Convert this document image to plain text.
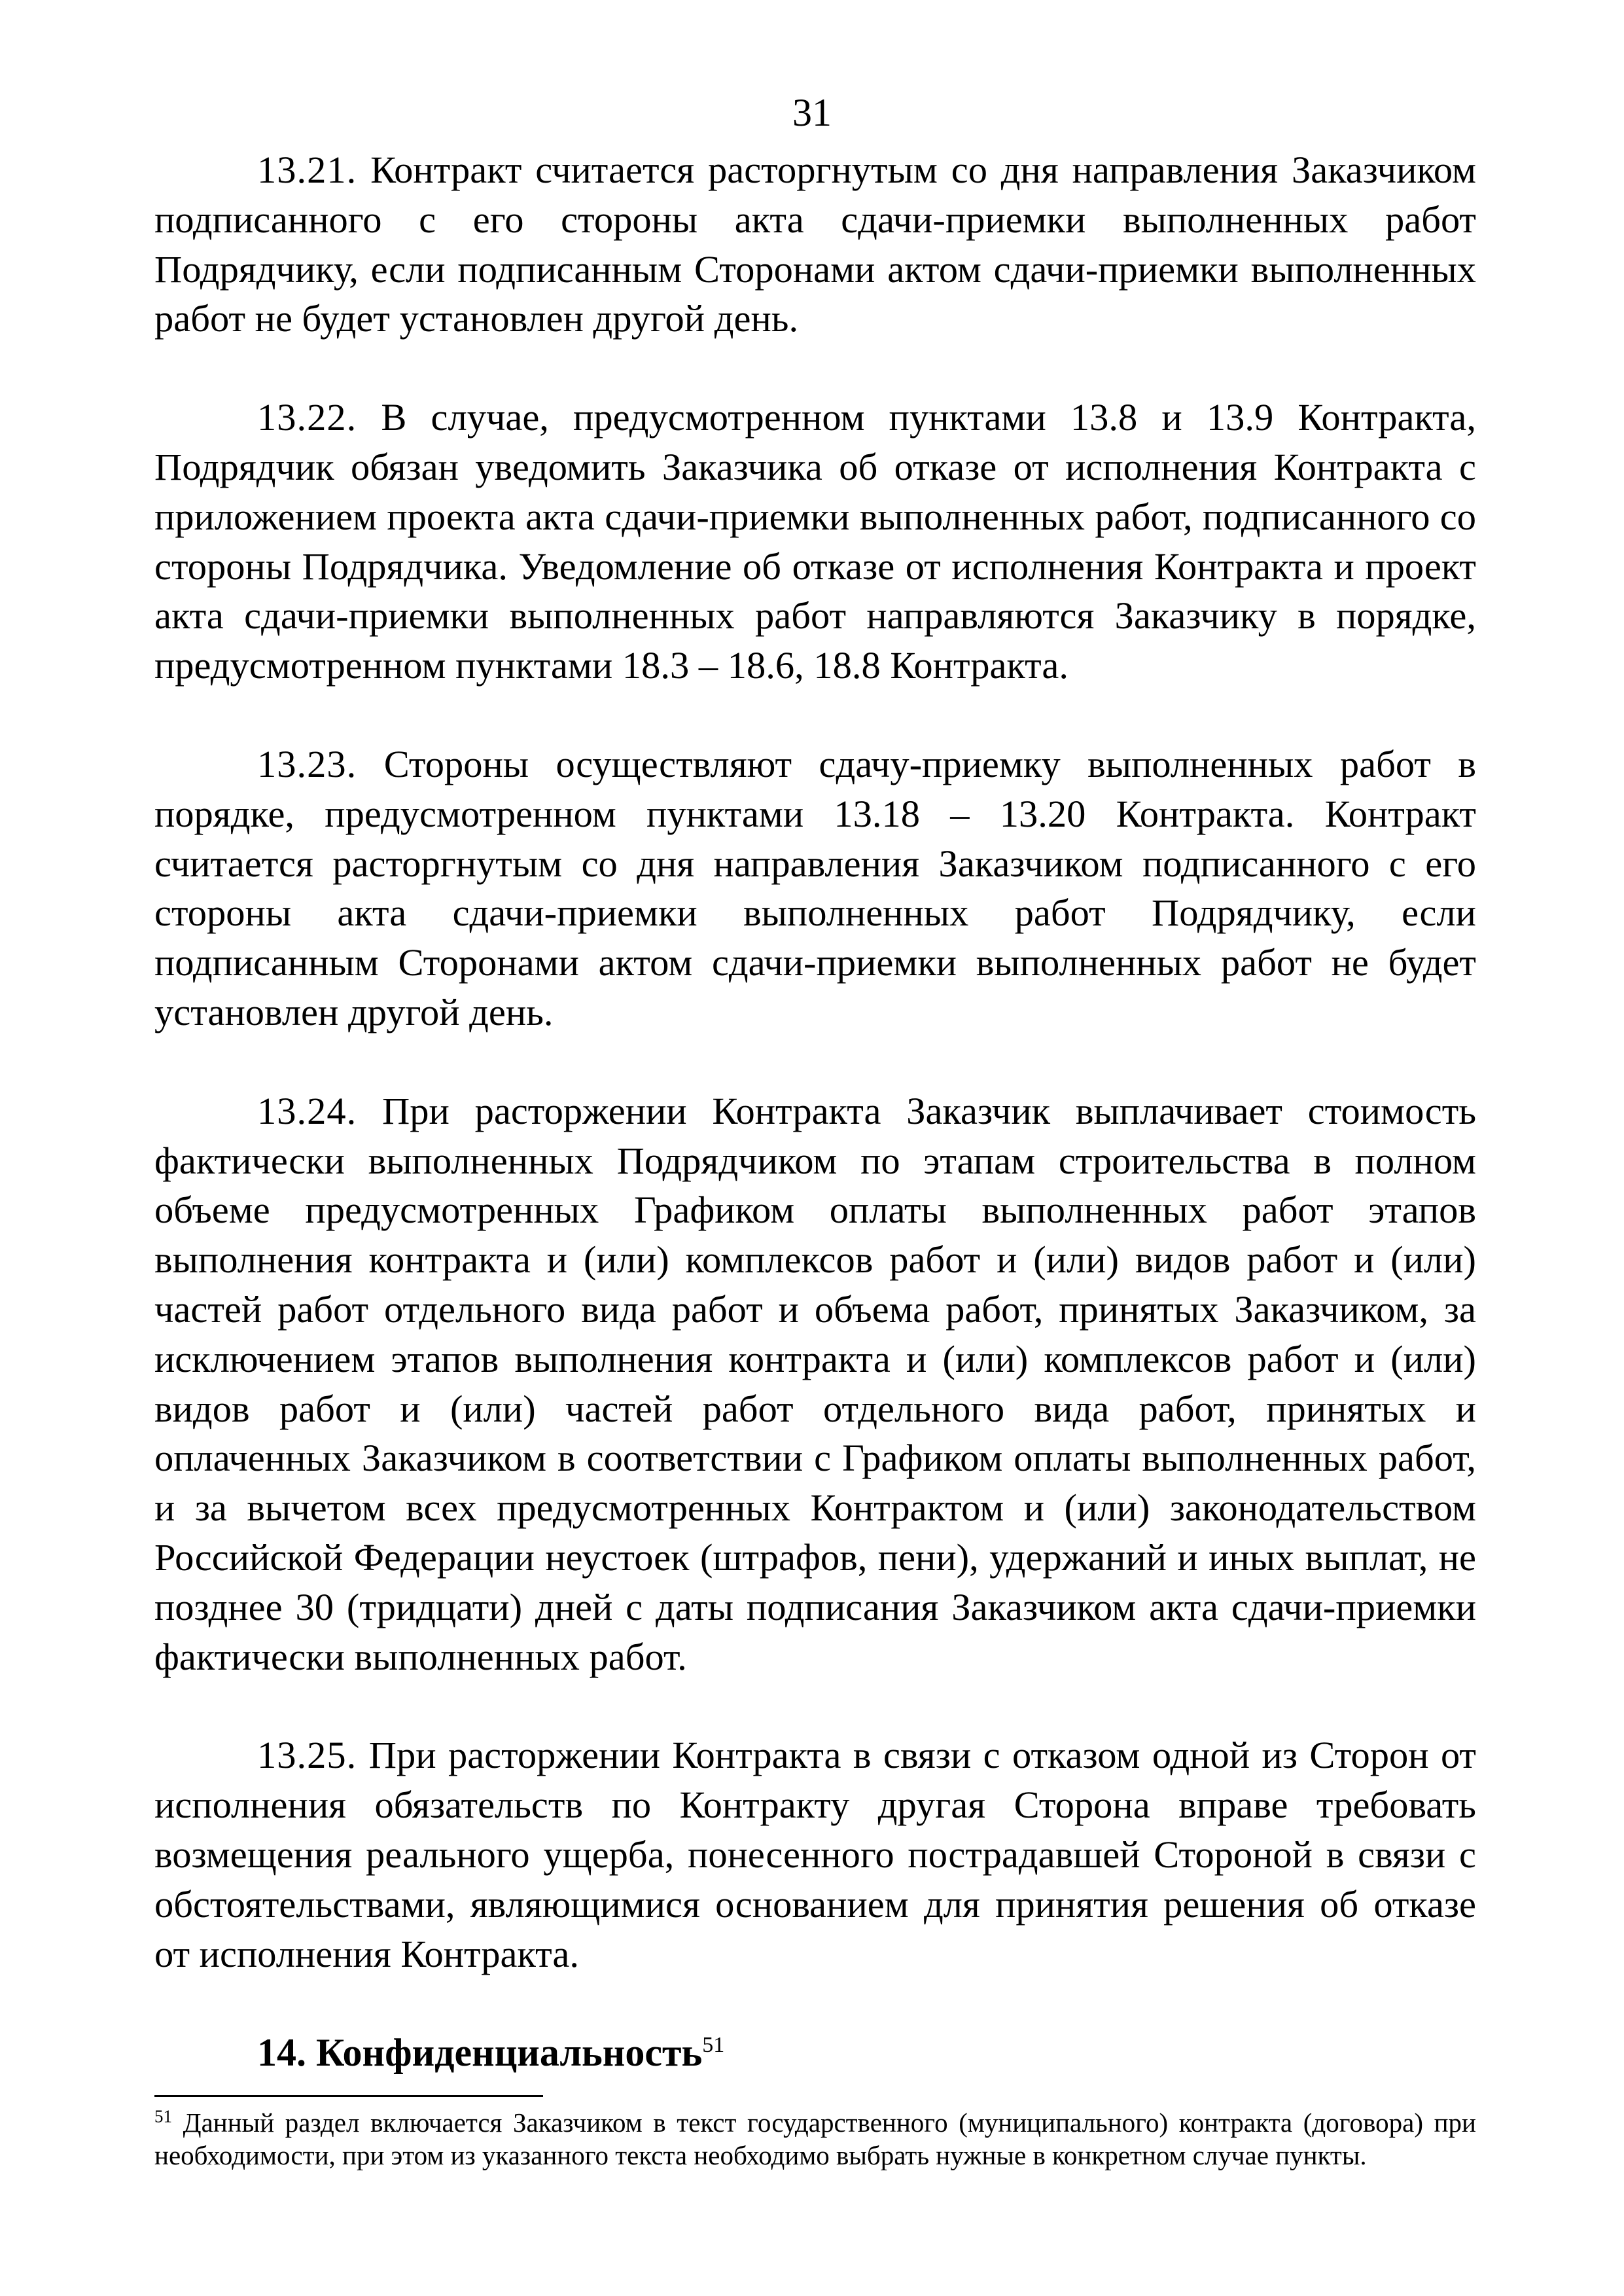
31

13.21. Контракт считается расторгнутым со дня направления Заказчиком подписанного с его стороны акта сдачи-приемки выполненных работ Подрядчику, если подписанным Сторонами актом сдачи-приемки выполненных работ не будет установлен другой день.

13.22. В случае, предусмотренном пунктами 13.8 и 13.9 Контракта, Подрядчик обязан уведомить Заказчика об отказе от исполнения Контракта с приложением проекта акта сдачи-приемки выполненных работ, подписанного со стороны Подрядчика. Уведомление об отказе от исполнения Контракта и проект акта сдачи-приемки выполненных работ направляются Заказчику в порядке, предусмотренном пунктами 18.3 – 18.6, 18.8 Контракта.

13.23. Стороны осуществляют сдачу-приемку выполненных работ в порядке, предусмотренном пунктами 13.18 – 13.20 Контракта. Контракт считается расторгнутым со дня направления Заказчиком подписанного с его стороны акта сдачи-приемки выполненных работ Подрядчику, если подписанным Сторонами актом сдачи-приемки выполненных работ не будет установлен другой день.

13.24. При расторжении Контракта Заказчик выплачивает стоимость фактически выполненных Подрядчиком по этапам строительства в полном объеме предусмотренных Графиком оплаты выполненных работ этапов выполнения контракта и (или) комплексов работ и (или) видов работ и (или) частей работ отдельного вида работ и объема работ, принятых Заказчиком, за исключением этапов выполнения контракта и (или) комплексов работ и (или) видов работ и (или) частей работ отдельного вида работ, принятых и оплаченных Заказчиком в соответствии с Графиком оплаты выполненных работ, и за вычетом всех предусмотренных Контрактом и (или) законодательством Российской Федерации неустоек (штрафов, пени), удержаний и иных выплат, не позднее 30 (тридцати) дней с даты подписания Заказчиком акта сдачи-приемки фактически выполненных работ.

13.25. При расторжении Контракта в связи с отказом одной из Сторон от исполнения обязательств по Контракту другая Сторона вправе требовать возмещения реального ущерба, понесенного пострадавшей Стороной в связи с обстоятельствами, являющимися основанием для принятия решения об отказе от исполнения Контракта.

14. Конфиденциальность$^{51}$

$^{51}$ Данный раздел включается Заказчиком в текст государственного (муниципального) контракта (договора) при необходимости, при этом из указанного текста необходимо выбрать нужные в конкретном случае пункты.
